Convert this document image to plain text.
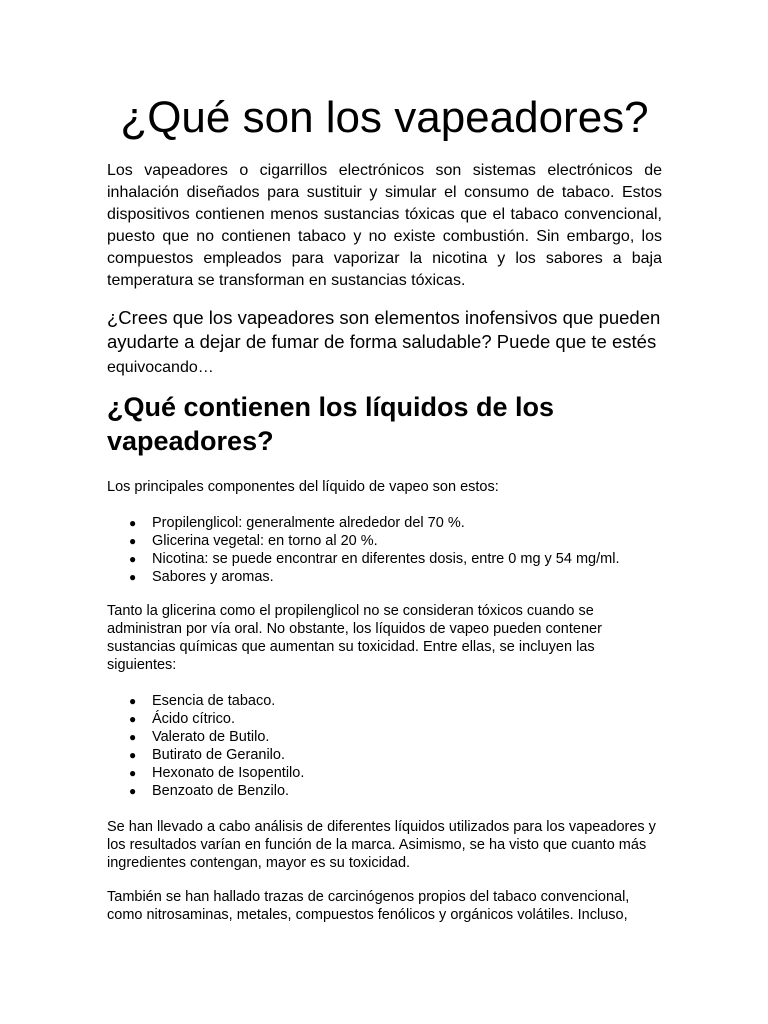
¿Qué son los vapeadores?

Los vapeadores o cigarrillos electrónicos son sistemas electrónicos de inhalación diseñados para sustituir y simular el consumo de tabaco. Estos dispositivos contienen menos sustancias tóxicas que el tabaco convencional, puesto que no contienen tabaco y no existe combustión. Sin embargo, los compuestos empleados para vaporizar la nicotina y los sabores a baja temperatura se transforman en sustancias tóxicas.

¿Crees que los vapeadores son elementos inofensivos que pueden ayudarte a dejar de fumar de forma saludable? Puede que te estés
equivocando…

¿Qué contienen los líquidos de los vapeadores?

Los principales componentes del líquido de vapeo son estos:

● Propilenglicol: generalmente alrededor del 70 %.
● Glicerina vegetal: en torno al 20 %.
● Nicotina: se puede encontrar en diferentes dosis, entre 0 mg y 54 mg/ml.
● Sabores y aromas.

Tanto la glicerina como el propilenglicol no se consideran tóxicos cuando se administran por vía oral. No obstante, los líquidos de vapeo pueden contener sustancias químicas que aumentan su toxicidad. Entre ellas, se incluyen las siguientes:

● Esencia de tabaco.
● Ácido cítrico.
● Valerato de Butilo.
● Butirato de Geranilo.
● Hexonato de Isopentilo.
● Benzoato de Benzilo.

Se han llevado a cabo análisis de diferentes líquidos utilizados para los vapeadores y los resultados varían en función de la marca. Asimismo, se ha visto que cuanto más ingredientes contengan, mayor es su toxicidad.

También se han hallado trazas de carcinógenos propios del tabaco convencional, como nitrosaminas, metales, compuestos fenólicos y orgánicos volátiles. Incluso,
